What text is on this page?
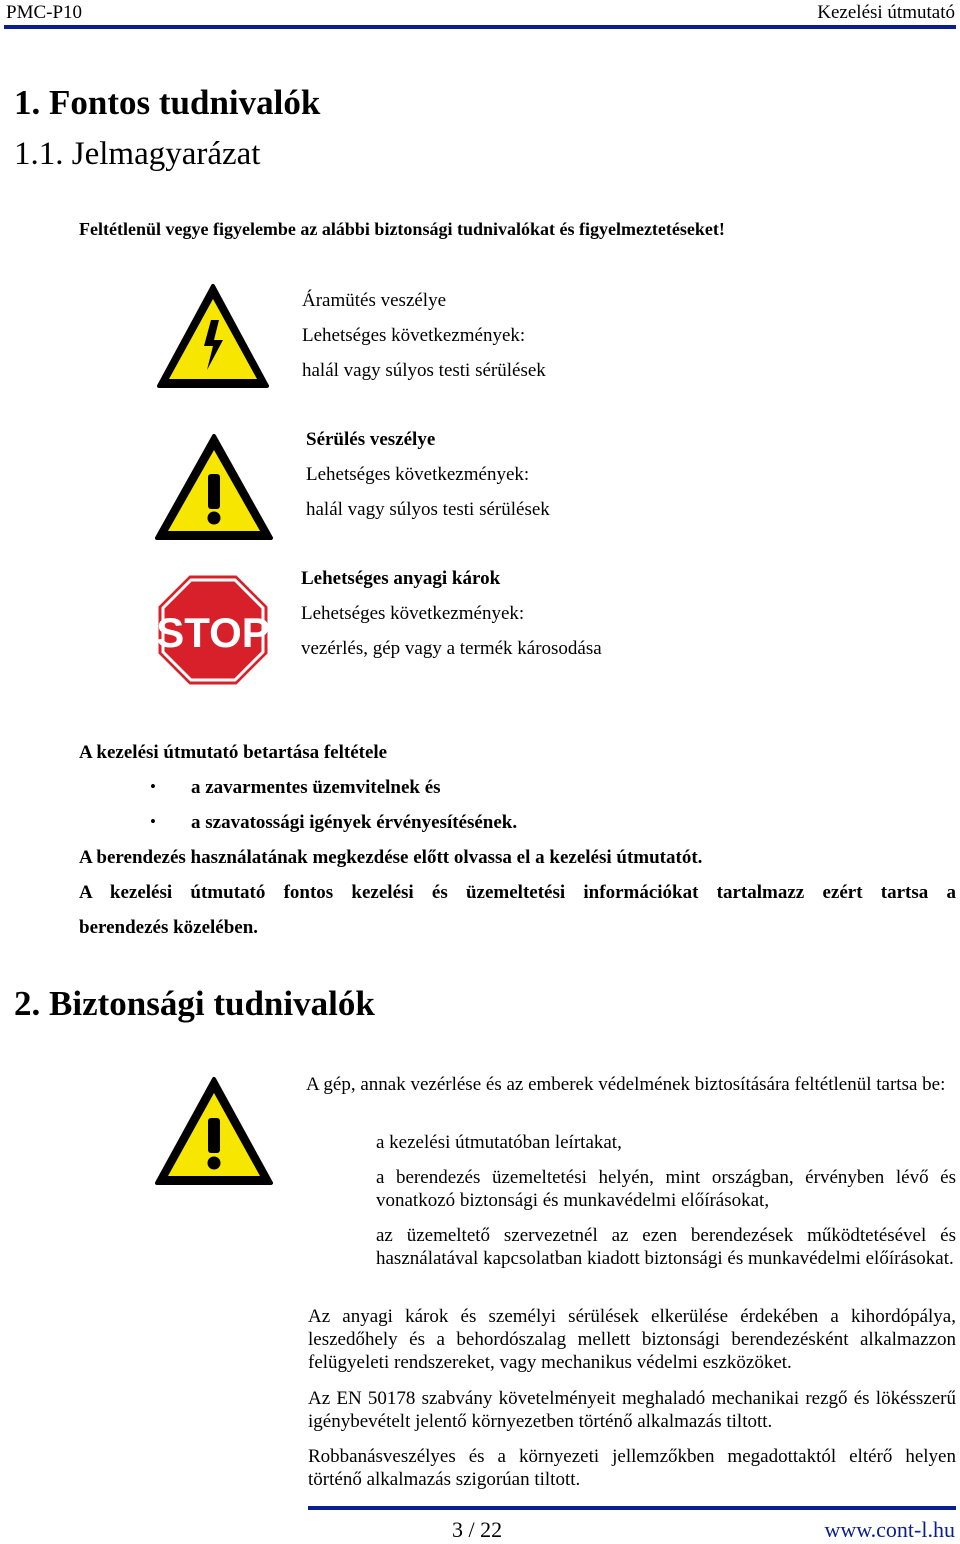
PMC-P10	Kezelési útmutató
1. Fontos tudnivalók
1.1. Jelmagyarázat
Feltétlenül vegye figyelembe az alábbi biztonsági tudnivalókat és figyelmeztetéseket!
Áramütés veszélye
Lehetséges következmények:
halál vagy súlyos testi sérülések
Sérülés veszélye
Lehetséges következmények:
halál vagy súlyos testi sérülések
STOP
Lehetséges anyagi károk
Lehetséges következmények:
vezérlés, gép vagy a termék károsodása
A kezelési útmutató betartása feltétele
• a zavarmentes üzemvitelnek és
• a szavatossági igények érvényesítésének.
A berendezés használatának megkezdése előtt olvassa el a kezelési útmutatót.
A kezelési útmutató fontos kezelési és üzemeltetési információkat tartalmazz ezért tartsa a
berendezés közelében.
2. Biztonsági tudnivalók
A gép, annak vezérlése és az emberek védelmének biztosítására feltétlenül tartsa be:
a kezelési útmutatóban leírtakat,
a berendezés üzemeltetési helyén, mint országban, érvényben lévő és vonatkozó biztonsági és munkavédelmi előírásokat,
az üzemeltető szervezetnél az ezen berendezések működtetésével és használatával kapcsolatban kiadott biztonsági és munkavédelmi előírásokat.
Az anyagi károk és személyi sérülések elkerülése érdekében a kihordópálya, leszedőhely és a behordószalag mellett biztonsági berendezésként alkalmazzon felügyeleti rendszereket, vagy mechanikus védelmi eszközöket.
Az EN 50178 szabvány követelményeit meghaladó mechanikai rezgő és lökésszerű igénybevételt jelentő környezetben történő alkalmazás tiltott.
Robbanásveszélyes és a környezeti jellemzőkben megadottaktól eltérő helyen történő alkalmazás szigorúan tiltott.
3 / 22	www.cont-l.hu
